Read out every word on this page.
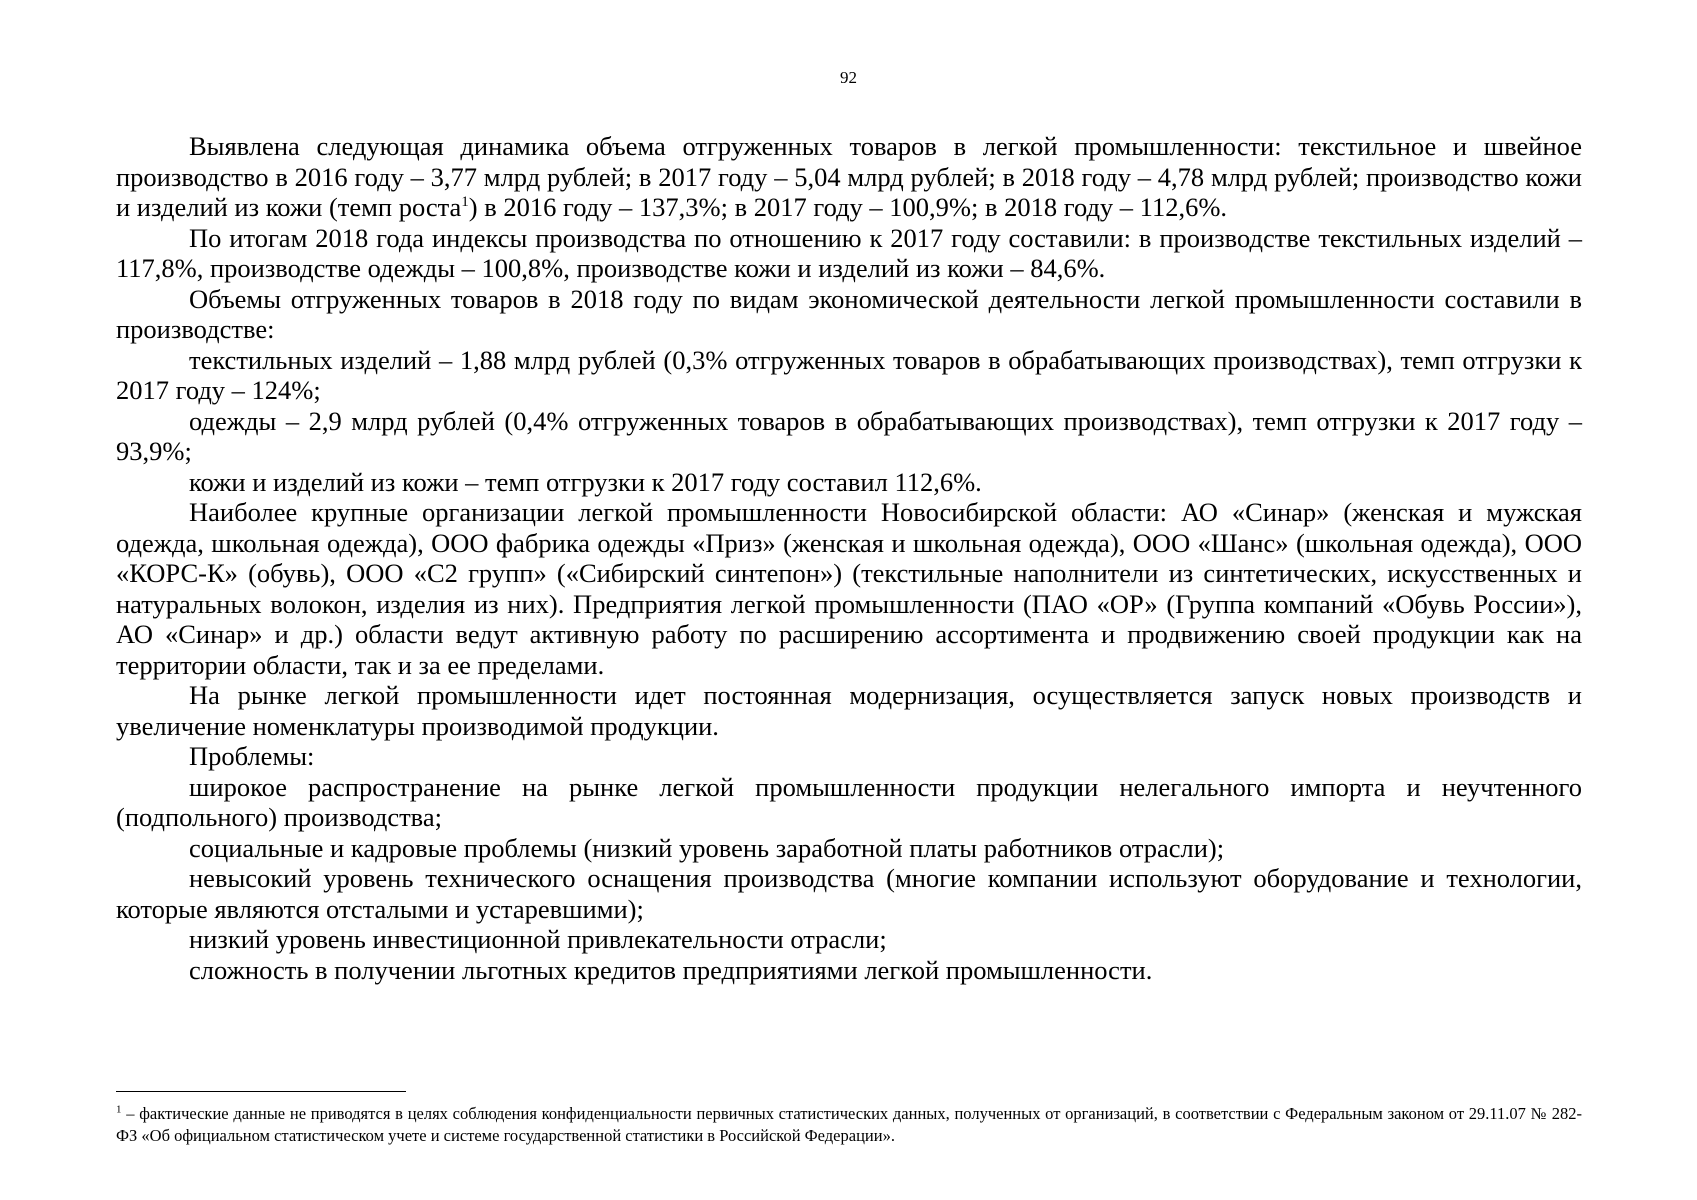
92

Выявлена следующая динамика объема отгруженных товаров в легкой промышленности: текстильное и швейное производство в 2016 году – 3,77 млрд рублей; в 2017 году – 5,04 млрд рублей; в 2018 году – 4,78 млрд рублей; производство кожи и изделий из кожи (темп роста$^1$) в 2016 году – 137,3%; в 2017 году – 100,9%; в 2018 году – 112,6%.

По итогам 2018 года индексы производства по отношению к 2017 году составили: в производстве текстильных изделий – 117,8%, производстве одежды – 100,8%, производстве кожи и изделий из кожи – 84,6%.

Объемы отгруженных товаров в 2018 году по видам экономической деятельности легкой промышленности составили в производстве:

текстильных изделий – 1,88 млрд рублей (0,3% отгруженных товаров в обрабатывающих производствах), темп отгрузки к 2017 году – 124%;

одежды – 2,9 млрд рублей (0,4% отгруженных товаров в обрабатывающих производствах), темп отгрузки к 2017 году – 93,9%;

кожи и изделий из кожи – темп отгрузки к 2017 году составил 112,6%.

Наиболее крупные организации легкой промышленности Новосибирской области: АО «Синар» (женская и мужская одежда, школьная одежда), ООО фабрика одежды «Приз» (женская и школьная одежда), ООО «Шанс» (школьная одежда), ООО «КОРС-К» (обувь), ООО «С2 групп» («Сибирский синтепон») (текстильные наполнители из синтетических, искусственных и натуральных волокон, изделия из них). Предприятия легкой промышленности (ПАО «ОР» (Группа компаний «Обувь России»), АО «Синар» и др.) области ведут активную работу по расширению ассортимента и продвижению своей продукции как на территории области, так и за ее пределами.

На рынке легкой промышленности идет постоянная модернизация, осуществляется запуск новых производств и увеличение номенклатуры производимой продукции.

Проблемы:

широкое распространение на рынке легкой промышленности продукции нелегального импорта и неучтенного (подпольного) производства;

социальные и кадровые проблемы (низкий уровень заработной платы работников отрасли);

невысокий уровень технического оснащения производства (многие компании используют оборудование и технологии, которые являются отсталыми и устаревшими);

низкий уровень инвестиционной привлекательности отрасли;

сложность в получении льготных кредитов предприятиями легкой промышленности.

$^1$ – фактические данные не приводятся в целях соблюдения конфиденциальности первичных статистических данных, полученных от организаций, в соответствии с Федеральным законом от 29.11.07 № 282-ФЗ «Об официальном статистическом учете и системе государственной статистики в Российской Федерации».
